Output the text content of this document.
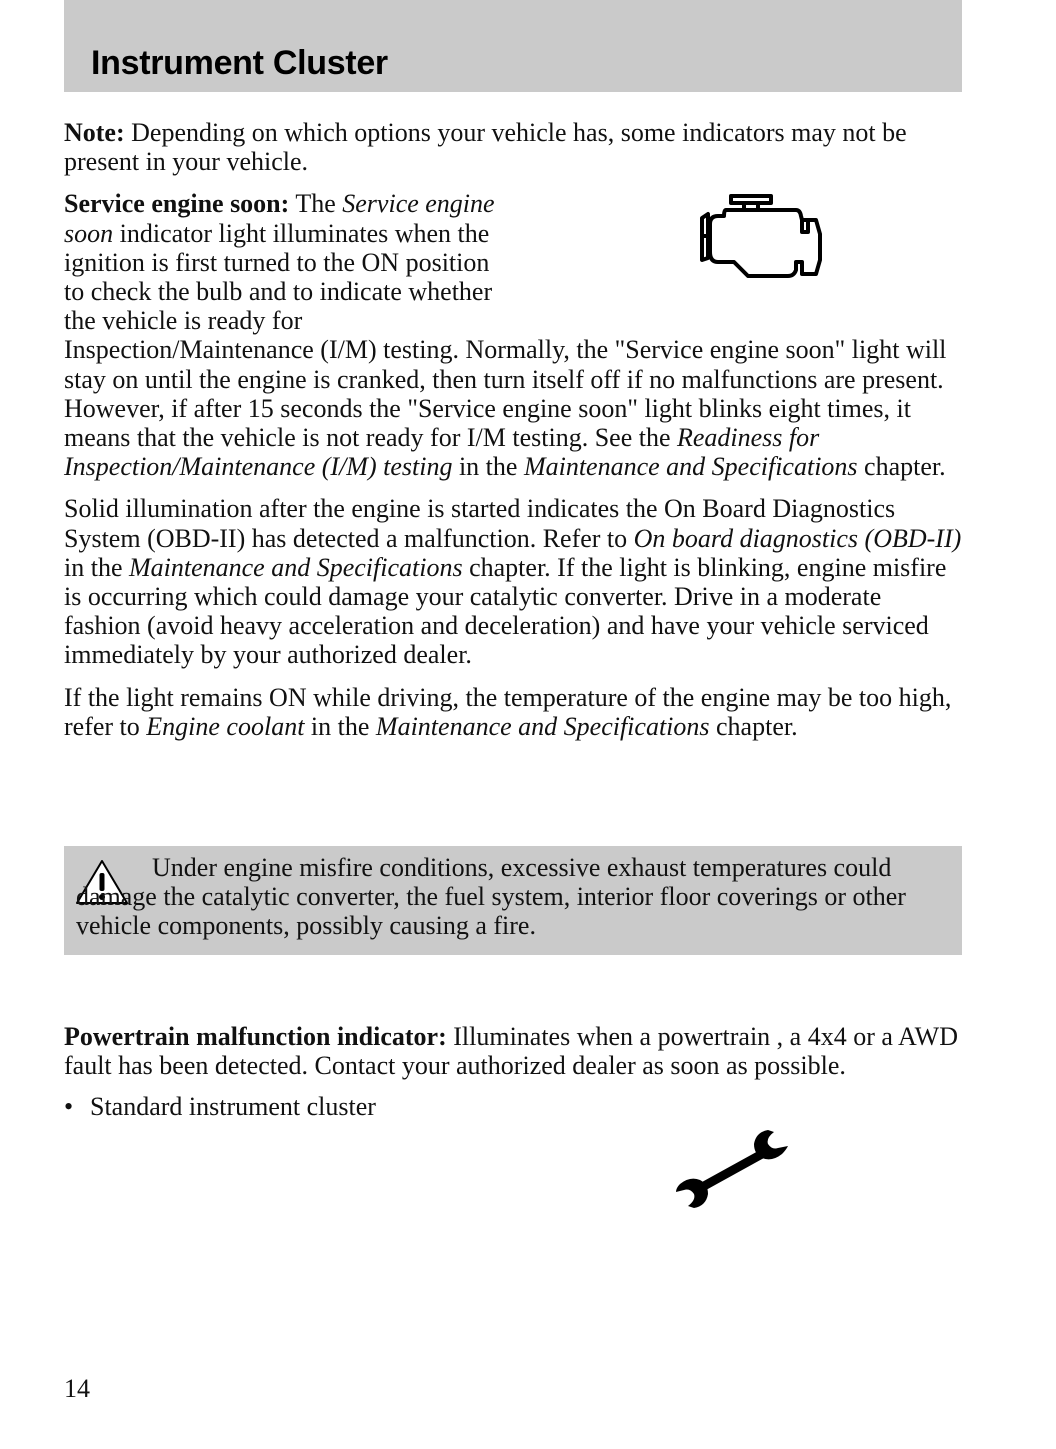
Instrument Cluster

Note: Depending on which options your vehicle has, some indicators may not be present in your vehicle.

Service engine soon: The Service engine soon indicator light illuminates when the ignition is first turned to the ON position to check the bulb and to indicate whether the vehicle is ready for Inspection/Maintenance (I/M) testing. Normally, the "Service engine soon" light will stay on until the engine is cranked, then turn itself off if no malfunctions are present. However, if after 15 seconds the "Service engine soon" light blinks eight times, it means that the vehicle is not ready for I/M testing. See the Readiness for Inspection/Maintenance (I/M) testing in the Maintenance and Specifications chapter.

Solid illumination after the engine is started indicates the On Board Diagnostics System (OBD-II) has detected a malfunction. Refer to On board diagnostics (OBD-II) in the Maintenance and Specifications chapter. If the light is blinking, engine misfire is occurring which could damage your catalytic converter. Drive in a moderate fashion (avoid heavy acceleration and deceleration) and have your vehicle serviced immediately by your authorized dealer.

If the light remains ON while driving, the temperature of the engine may be too high, refer to Engine coolant in the Maintenance and Specifications chapter.

Under engine misfire conditions, excessive exhaust temperatures could damage the catalytic converter, the fuel system, interior floor coverings or other vehicle components, possibly causing a fire.

Powertrain malfunction indicator: Illuminates when a powertrain , a 4x4 or a AWD fault has been detected. Contact your authorized dealer as soon as possible.

• Standard instrument cluster
14
